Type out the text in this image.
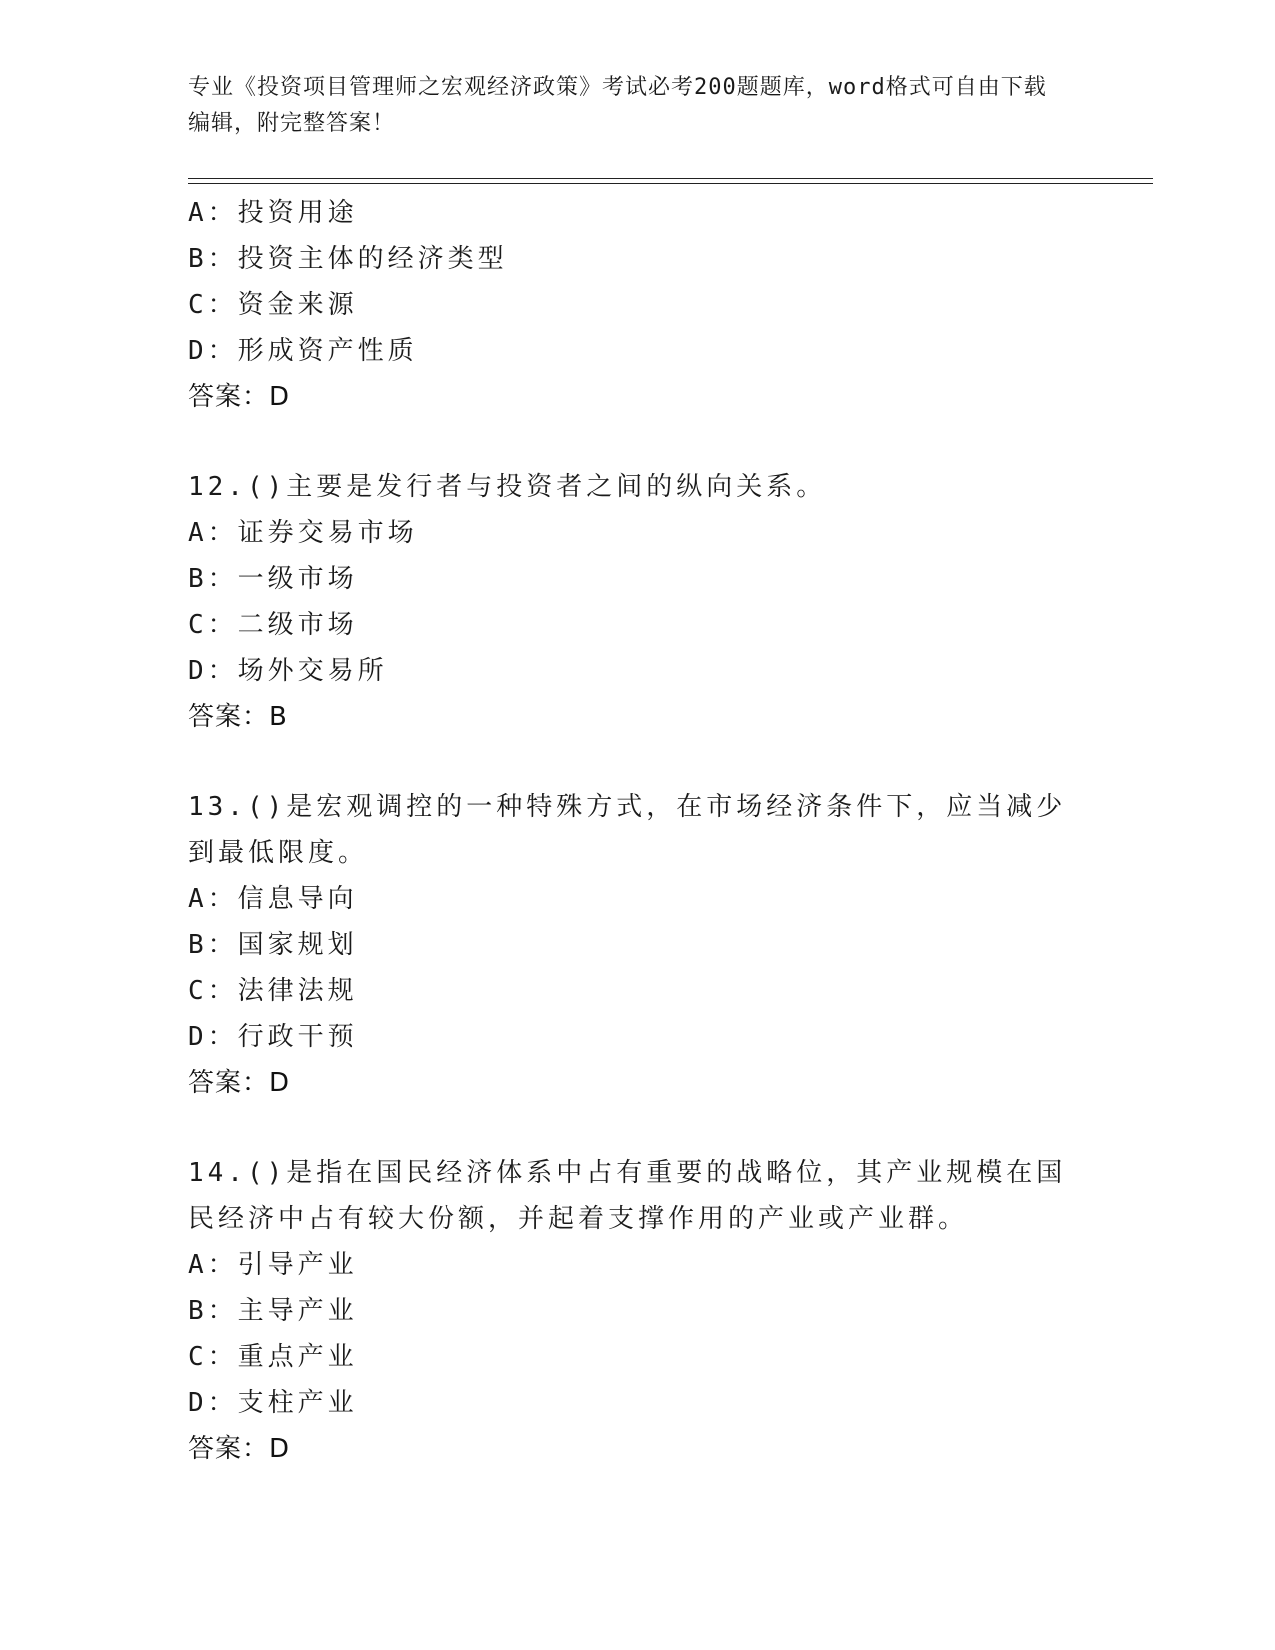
专业《投资项目管理师之宏观经济政策》考试必考200题题库，word格式可自由下载编辑，附完整答案！
A：投资用途
B：投资主体的经济类型
C：资金来源
D：形成资产性质
答案：D
12.()主要是发行者与投资者之间的纵向关系。
A：证券交易市场
B：一级市场
C：二级市场
D：场外交易所
答案：B
13.()是宏观调控的一种特殊方式，在市场经济条件下，应当减少到最低限度。
A：信息导向
B：国家规划
C：法律法规
D：行政干预
答案：D
14.()是指在国民经济体系中占有重要的战略位，其产业规模在国民经济中占有较大份额，并起着支撑作用的产业或产业群。
A：引导产业
B：主导产业
C：重点产业
D：支柱产业
答案：D
